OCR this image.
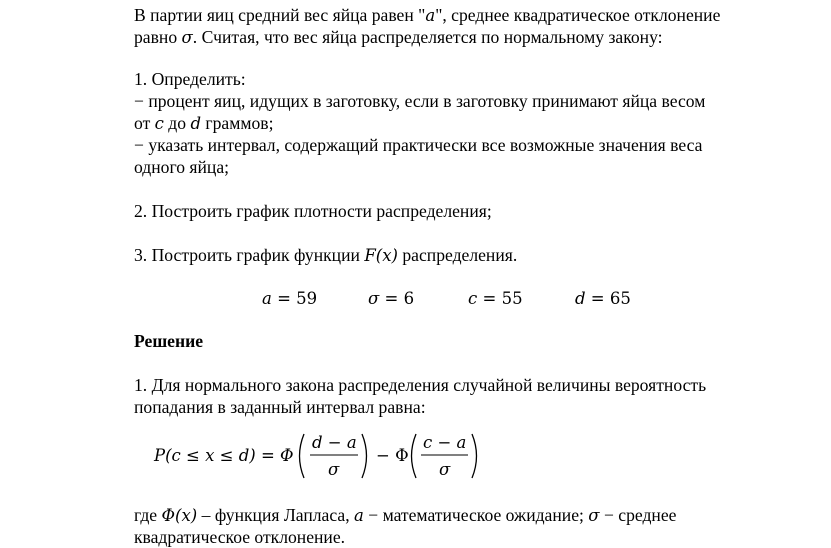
В партии яиц средний вес яйца равен "a", среднее квадратическое отклонение
равно σ. Считая, что вес яйца распределяется по нормальному закону:
1. Определить:
− процент яиц, идущих в заготовку, если в заготовку принимают яйца весом
от c до d граммов;
− указать интервал, содержащий практически все возможные значения веса
одного яйца;
2. Построить график плотности распределения;
3. Построить график функции F(x) распределения.
a = 59	σ = 6	c = 55	d = 65
Решение
1. Для нормального закона распределения случайной величины вероятность
попадания в заданный интервал равна:
где Φ(x) – функция Лапласа, a − математическое ожидание; σ − среднее
квадратическое отклонение.
P(c ≤ x ≤ d) = Φ
d − a
σ
− Φ
c − a
σ
